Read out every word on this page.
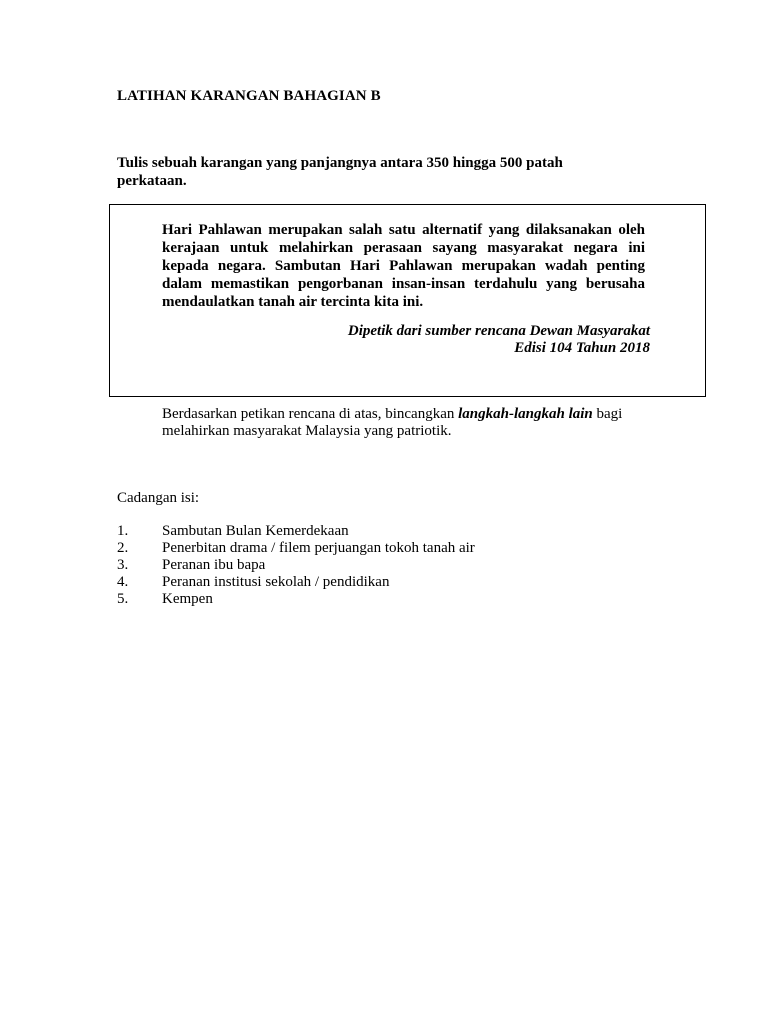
LATIHAN KARANGAN BAHAGIAN B
Tulis sebuah karangan yang panjangnya antara 350 hingga 500 patah perkataan.
Hari Pahlawan merupakan salah satu alternatif yang dilaksanakan oleh kerajaan untuk melahirkan perasaan sayang masyarakat negara ini kepada negara. Sambutan Hari Pahlawan merupakan wadah penting dalam memastikan pengorbanan insan-insan terdahulu yang berusaha mendaulatkan tanah air tercinta kita ini.
Dipetik dari sumber rencana Dewan Masyarakat
Edisi 104 Tahun 2018
Berdasarkan petikan rencana di atas, bincangkan langkah-langkah lain bagi melahirkan masyarakat Malaysia yang patriotik.
Cadangan isi:
1.	Sambutan Bulan Kemerdekaan
2.	Penerbitan drama / filem perjuangan tokoh tanah air
3.	Peranan ibu bapa
4.	Peranan institusi sekolah / pendidikan
5.	Kempen
